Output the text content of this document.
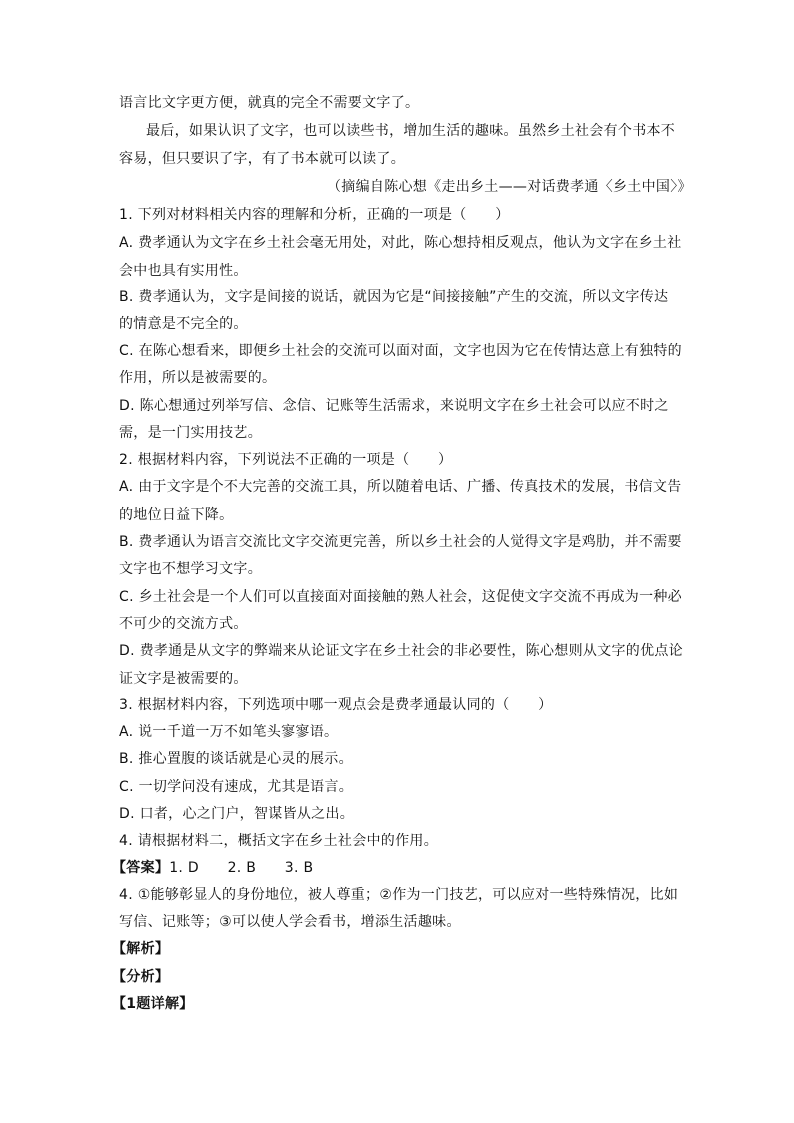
语言比文字更方便，就真的完全不需要文字了。
最后，如果认识了文字，也可以读些书，增加生活的趣味。虽然乡土社会有个书本不
容易，但只要识了字，有了书本就可以读了。
（摘编自陈心想《走出乡土——对话费孝通〈乡土中国〉》
1. 下列对材料相关内容的理解和分析，正确的一项是（　　）
A. 费孝通认为文字在乡土社会毫无用处，对此，陈心想持相反观点，他认为文字在乡土社
会中也具有实用性。
B. 费孝通认为，文字是间接的说话，就因为它是“间接接触”产生的交流，所以文字传达
的情意是不完全的。
C. 在陈心想看来，即便乡土社会的交流可以面对面，文字也因为它在传情达意上有独特的
作用，所以是被需要的。
D. 陈心想通过列举写信、念信、记账等生活需求，来说明文字在乡土社会可以应不时之
需，是一门实用技艺。
2. 根据材料内容，下列说法不正确的一项是（　　）
A. 由于文字是个不大完善的交流工具，所以随着电话、广播、传真技术的发展，书信文告
的地位日益下降。
B. 费孝通认为语言交流比文字交流更完善，所以乡土社会的人觉得文字是鸡肋，并不需要
文字也不想学习文字。
C. 乡土社会是一个人们可以直接面对面接触的熟人社会，这促使文字交流不再成为一种必
不可少的交流方式。
D. 费孝通是从文字的弊端来从论证文字在乡土社会的非必要性，陈心想则从文字的优点论
证文字是被需要的。
3. 根据材料内容，下列选项中哪一观点会是费孝通最认同的（　　）
A. 说一千道一万不如笔头寥寥语。
B. 推心置腹的谈话就是心灵的展示。
C. 一切学问没有速成，尤其是语言。
D. 口者，心之门户，智谋皆从之出。
4. 请根据材料二，概括文字在乡土社会中的作用。
【答案】1. D　　2. B　　3. B
4. ①能够彰显人的身份地位，被人尊重；②作为一门技艺，可以应对一些特殊情况，比如
写信、记账等；③可以使人学会看书，增添生活趣味。
【解析】
【分析】
【1题详解】
